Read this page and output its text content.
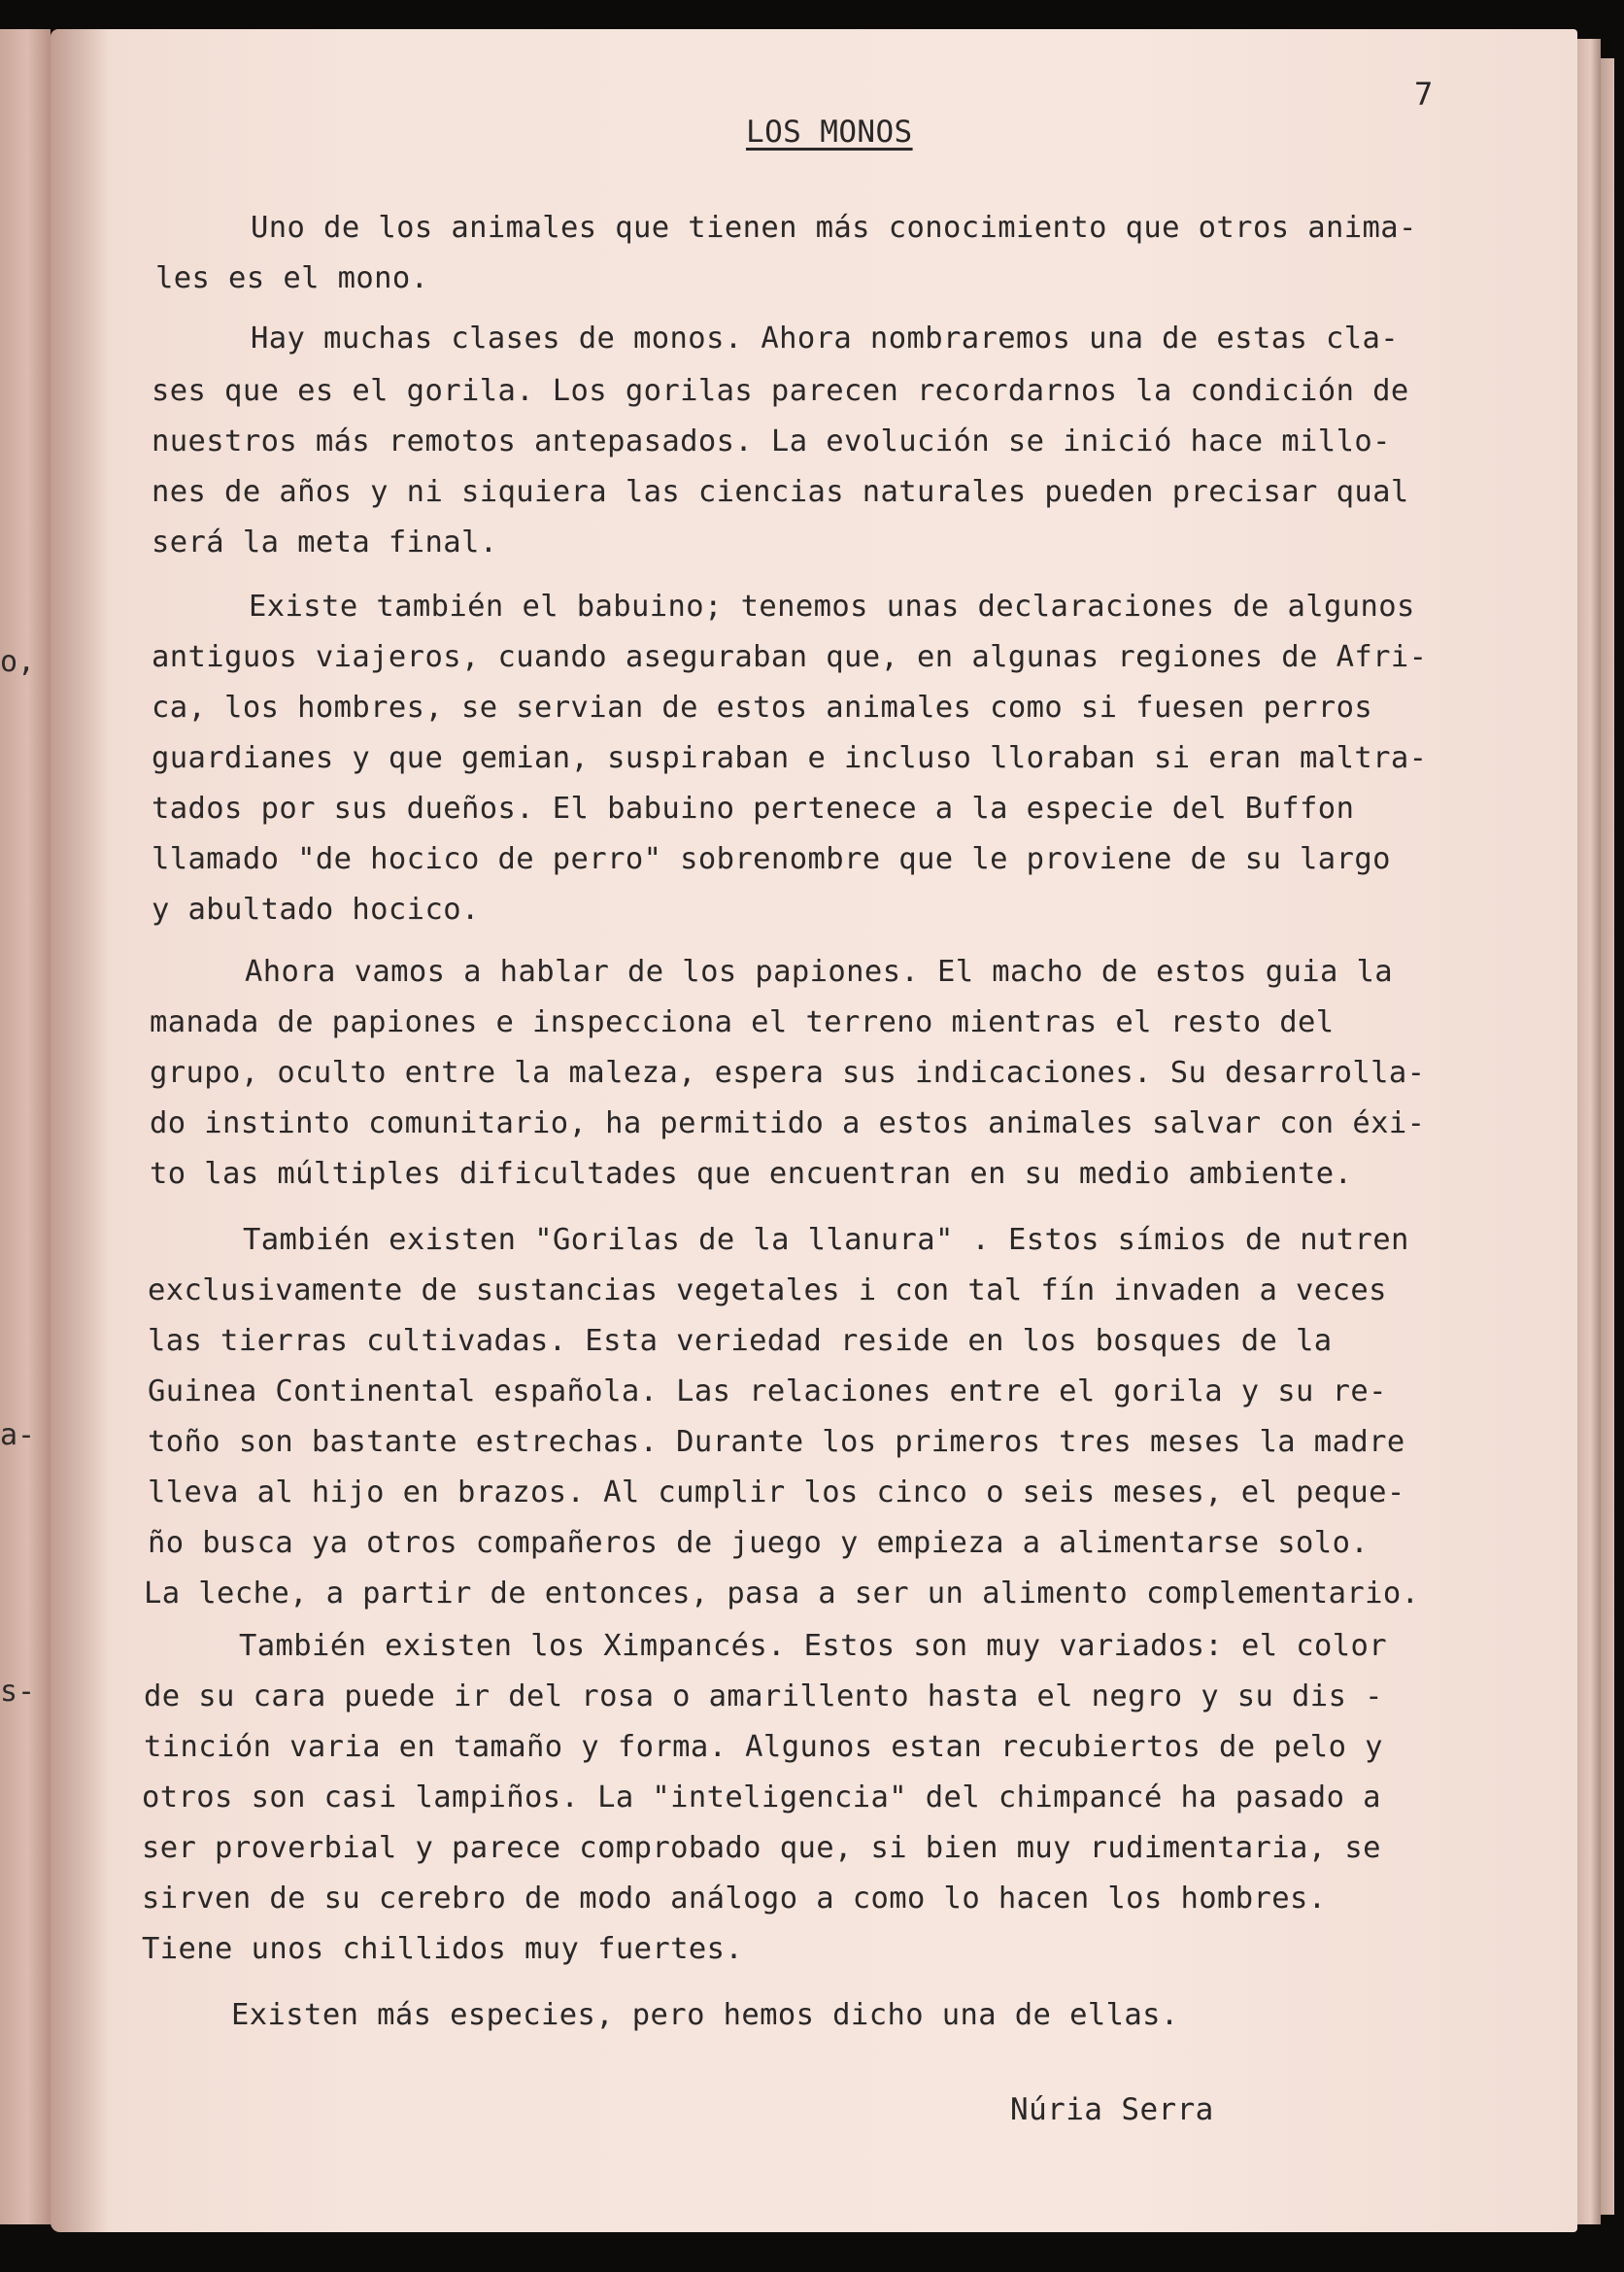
o,
a-
s-
7
LOS MONOS
Uno de los animales que tienen más conocimiento que otros anima-
les es el mono.
Hay muchas clases de monos. Ahora nombraremos una de estas cla-
ses que es el gorila. Los gorilas parecen recordarnos la condición de
nuestros más remotos antepasados. La evolución se inició hace millo-
nes de años y ni siquiera las ciencias naturales pueden precisar qual
será la meta final.
Existe también el babuino; tenemos unas declaraciones de algunos
antiguos viajeros, cuando aseguraban que, en algunas regiones de Afri-
ca, los hombres, se servian de estos animales como si fuesen perros
guardianes y que gemian, suspiraban e incluso lloraban si eran maltra-
tados por sus dueños. El babuino pertenece a la especie del Buffon
llamado "de hocico de perro" sobrenombre que le proviene de su largo
y abultado hocico.
Ahora vamos a hablar de los papiones. El macho de estos guia la
manada de papiones e inspecciona el terreno mientras el resto del
grupo, oculto entre la maleza, espera sus indicaciones. Su desarrolla-
do instinto comunitario, ha permitido a estos animales salvar con éxi-
to las múltiples dificultades que encuentran en su medio ambiente.
También existen "Gorilas de la llanura" . Estos símios de nutren
exclusivamente de sustancias vegetales i con tal fín invaden a veces
las tierras cultivadas. Esta veriedad reside en los bosques de la
Guinea Continental española. Las relaciones entre el gorila y su re-
toño son bastante estrechas. Durante los primeros tres meses la madre
lleva al hijo en brazos. Al cumplir los cinco o seis meses, el peque-
ño busca ya otros compañeros de juego y empieza a alimentarse solo.
La leche, a partir de entonces, pasa a ser un alimento complementario.
También existen los Ximpancés. Estos son muy variados: el color
de su cara puede ir del rosa o amarillento hasta el negro y su dis -
tinción varia en tamaño y forma. Algunos estan recubiertos de pelo y
otros son casi lampiños. La "inteligencia" del chimpancé ha pasado a
ser proverbial y parece comprobado que, si bien muy rudimentaria, se
sirven de su cerebro de modo análogo a como lo hacen los hombres.
Tiene unos chillidos muy fuertes.
Existen más especies, pero hemos dicho una de ellas.
Núria Serra
